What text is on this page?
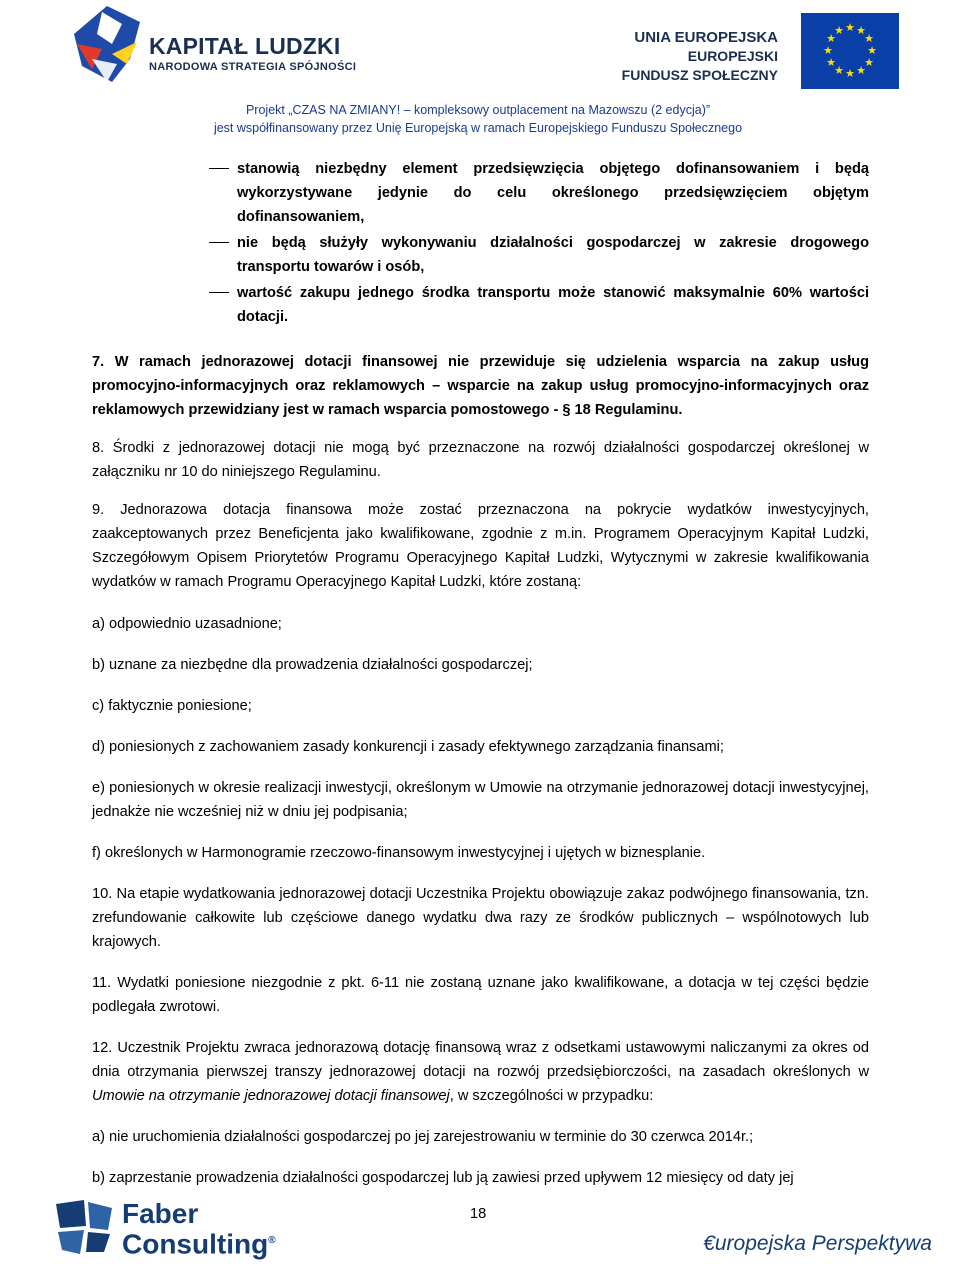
KAPITAŁ LUDZKI
NARODOWA STRATEGIA SPÓJNOŚCI
UNIA EUROPEJSKA
EUROPEJSKI
FUNDUSZ SPOŁECZNY
★ ★
★
★
★
★
★
★
★
★
★
★
Projekt „CZAS NA ZMIANY! – kompleksowy outplacement na Mazowszu (2 edycja)”
jest współfinansowany przez Unię Europejską w ramach Europejskiego Funduszu Społecznego
stanowią niezbędny element przedsięwzięcia objętego dofinansowaniem i będą wykorzystywane jedynie do celu określonego przedsięwzięciem objętym dofinansowaniem,
nie będą służyły wykonywaniu działalności gospodarczej w zakresie drogowego transportu towarów i osób,
wartość zakupu jednego środka transportu może stanowić maksymalnie 60% wartości dotacji.

7. W ramach jednorazowej dotacji finansowej nie przewiduje się udzielenia wsparcia na zakup usług promocyjno-informacyjnych oraz reklamowych – wsparcie na zakup usług promocyjno-informacyjnych oraz reklamowych przewidziany jest w ramach wsparcia pomostowego - § 18 Regulaminu.

8. Środki z jednorazowej dotacji nie mogą być przeznaczone na rozwój działalności gospodarczej określonej w załączniku nr 10 do niniejszego Regulaminu.

9. Jednorazowa dotacja finansowa może zostać przeznaczona na pokrycie wydatków inwestycyjnych, zaakceptowanych przez Beneficjenta jako kwalifikowane, zgodnie z m.in. Programem Operacyjnym Kapitał Ludzki, Szczegółowym Opisem Priorytetów Programu Operacyjnego Kapitał Ludzki, Wytycznymi w zakresie kwalifikowania wydatków w ramach Programu Operacyjnego Kapitał Ludzki, które zostaną:

a) odpowiednio uzasadnione;

b) uznane za niezbędne dla prowadzenia działalności gospodarczej;

c) faktycznie poniesione;

d) poniesionych z zachowaniem zasady konkurencji i zasady efektywnego zarządzania finansami;

e) poniesionych w okresie realizacji inwestycji, określonym w Umowie na otrzymanie jednorazowej dotacji inwestycyjnej, jednakże nie wcześniej niż w dniu jej podpisania;

f) określonych w Harmonogramie rzeczowo-finansowym inwestycyjnej i ujętych w biznesplanie.

10. Na etapie wydatkowania jednorazowej dotacji Uczestnika Projektu obowiązuje zakaz podwójnego finansowania, tzn. zrefundowanie całkowite lub częściowe danego wydatku dwa razy ze środków publicznych – wspólnotowych lub krajowych.

11. Wydatki poniesione niezgodnie z pkt. 6-11 nie zostaną uznane jako kwalifikowane, a dotacja w tej części będzie podlegała zwrotowi.

12. Uczestnik Projektu zwraca jednorazową dotację finansową wraz z odsetkami ustawowymi naliczanymi za okres od dnia otrzymania pierwszej transzy jednorazowej dotacji na rozwój przedsiębiorczości, na zasadach określonych w Umowie na otrzymanie jednorazowej dotacji finansowej, w szczególności w przypadku:

a) nie uruchomienia działalności gospodarczej po jej zarejestrowaniu w terminie do 30 czerwca 2014r.;

b) zaprzestanie prowadzenia działalności gospodarczej lub ją zawiesi przed upływem 12 miesięcy od daty jej

Faber
Consulting®
18
€uropejska Perspektywa
